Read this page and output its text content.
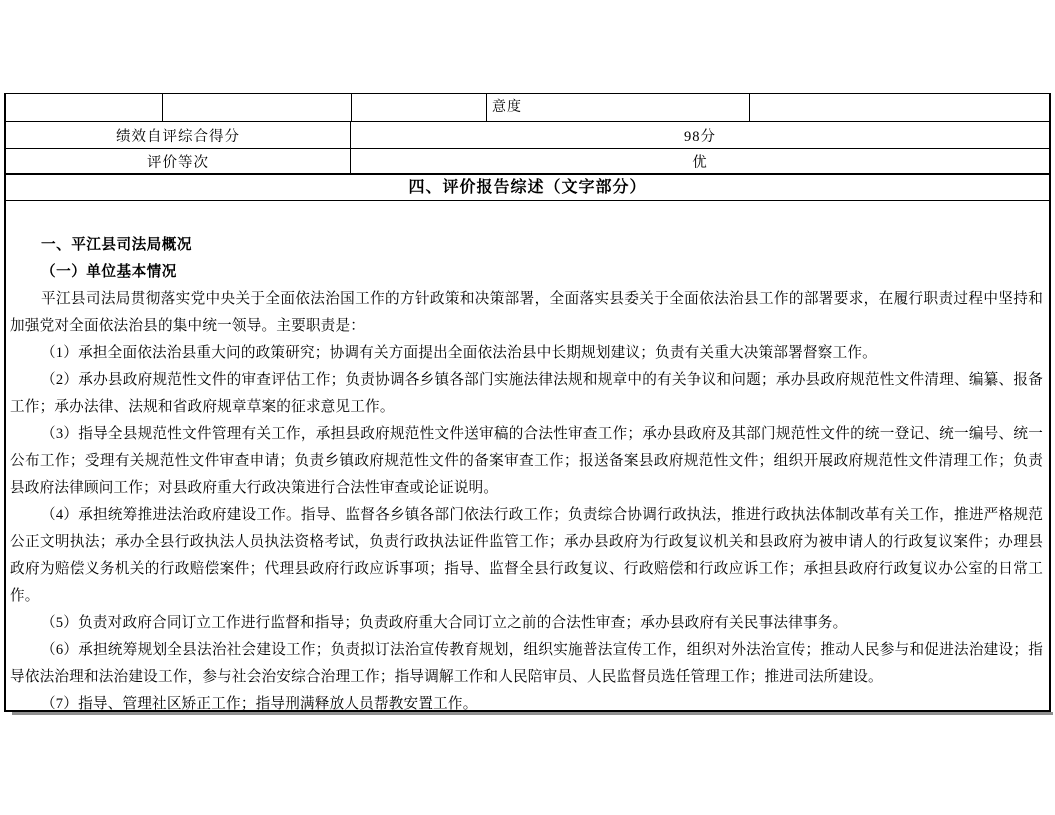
意度
绩效自评综合得分	98分
评价等次	优
四、评价报告综述（文字部分）
一、平江县司法局概况
（一）单位基本情况

平江县司法局贯彻落实党中央关于全面依法治国工作的方针政策和决策部署，全面落实县委关于全面依法治县工作的部署要求，在履行职责过程中坚持和加强党对全面依法治县的集中统一领导。主要职责是：

（1）承担全面依法治县重大问的政策研究；协调有关方面提出全面依法治县中长期规划建议；负责有关重大决策部署督察工作。

（2）承办县政府规范性文件的审查评估工作；负责协调各乡镇各部门实施法律法规和规章中的有关争议和问题；承办县政府规范性文件清理、编纂、报备工作；承办法律、法规和省政府规章草案的征求意见工作。

（3）指导全县规范性文件管理有关工作，承担县政府规范性文件送审稿的合法性审查工作；承办县政府及其部门规范性文件的统一登记、统一编号、统一公布工作；受理有关规范性文件审查申请；负责乡镇政府规范性文件的备案审查工作；报送备案县政府规范性文件；组织开展政府规范性文件清理工作；负责县政府法律顾问工作；对县政府重大行政决策进行合法性审查或论证说明。

（4）承担统筹推进法治政府建设工作。指导、监督各乡镇各部门依法行政工作；负责综合协调行政执法，推进行政执法体制改革有关工作，推进严格规范公正文明执法；承办全县行政执法人员执法资格考试，负责行政执法证件监管工作；承办县政府为行政复议机关和县政府为被申请人的行政复议案件；办理县政府为赔偿义务机关的行政赔偿案件；代理县政府行政应诉事项；指导、监督全县行政复议、行政赔偿和行政应诉工作；承担县政府行政复议办公室的日常工作。

（5）负责对政府合同订立工作进行监督和指导；负责政府重大合同订立之前的合法性审查；承办县政府有关民事法律事务。

（6）承担统筹规划全县法治社会建设工作；负责拟订法治宣传教育规划，组织实施普法宣传工作，组织对外法治宣传；推动人民参与和促进法治建设；指导依法治理和法治建设工作，参与社会治安综合治理工作；指导调解工作和人民陪审员、人民监督员选任管理工作；推进司法所建设。

（7）指导、管理社区矫正工作；指导刑满释放人员帮教安置工作。
